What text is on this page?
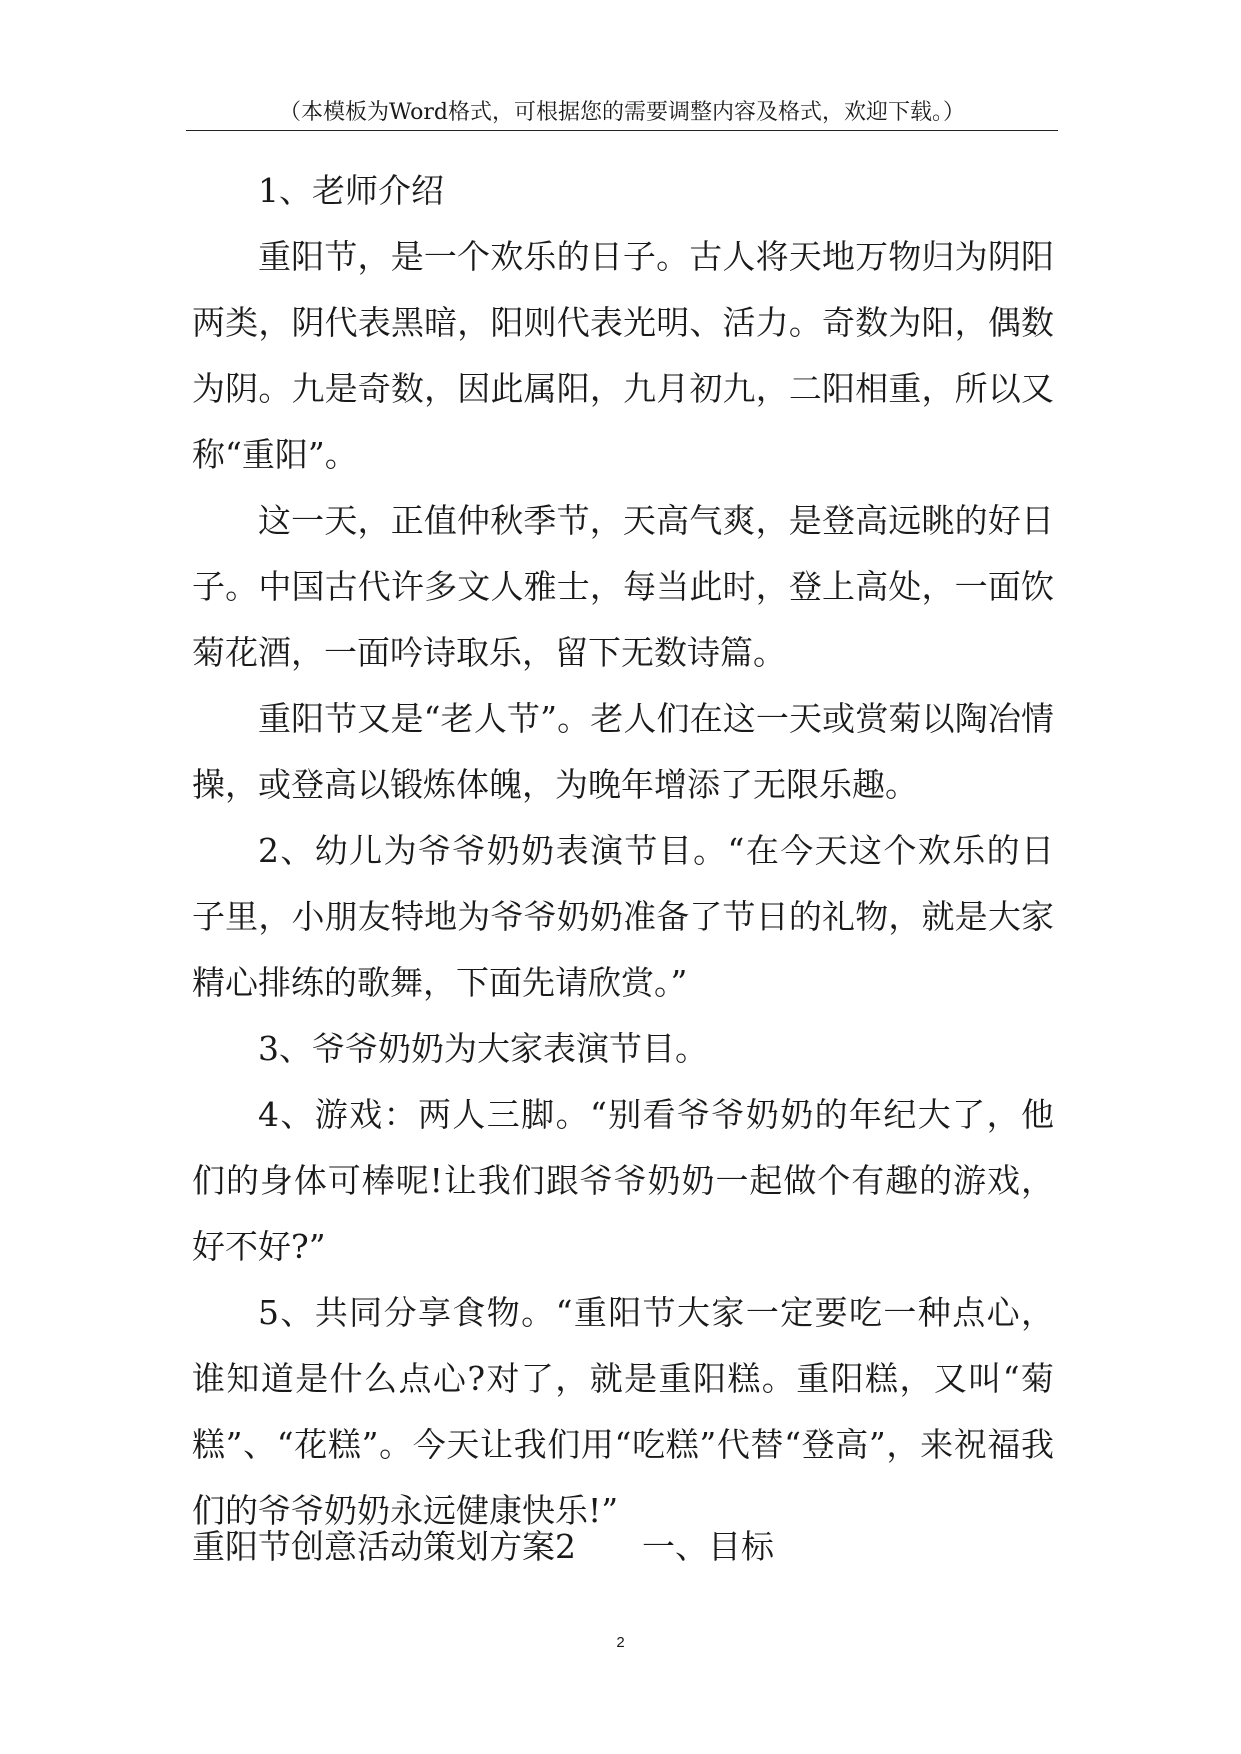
（本模板为Word格式，可根据您的需要调整内容及格式，欢迎下载。）

1、老师介绍

重阳节，是一个欢乐的日子。古人将天地万物归为阴阳两类，阴代表黑暗，阳则代表光明、活力。奇数为阳，偶数为阴。九是奇数，因此属阳，九月初九，二阳相重，所以又称“重阳”。

这一天，正值仲秋季节，天高气爽，是登高远眺的好日子。中国古代许多文人雅士，每当此时，登上高处，一面饮菊花酒，一面吟诗取乐，留下无数诗篇。

重阳节又是“老人节”。老人们在这一天或赏菊以陶冶情操，或登高以锻炼体魄，为晚年增添了无限乐趣。

2、幼儿为爷爷奶奶表演节目。“在今天这个欢乐的日子里，小朋友特地为爷爷奶奶准备了节日的礼物，就是大家精心排练的歌舞，下面先请欣赏。”

3、爷爷奶奶为大家表演节目。

4、游戏：两人三脚。“别看爷爷奶奶的年纪大了，他们的身体可棒呢!让我们跟爷爷奶奶一起做个有趣的游戏，好不好?”

5、共同分享食物。“重阳节大家一定要吃一种点心，谁知道是什么点心?对了，就是重阳糕。重阳糕，又叫“菊糕”、“花糕”。今天让我们用“吃糕”代替“登高”，来祝福我们的爷爷奶奶永远健康快乐!”

重阳节创意活动策划方案2 一、目标
2
